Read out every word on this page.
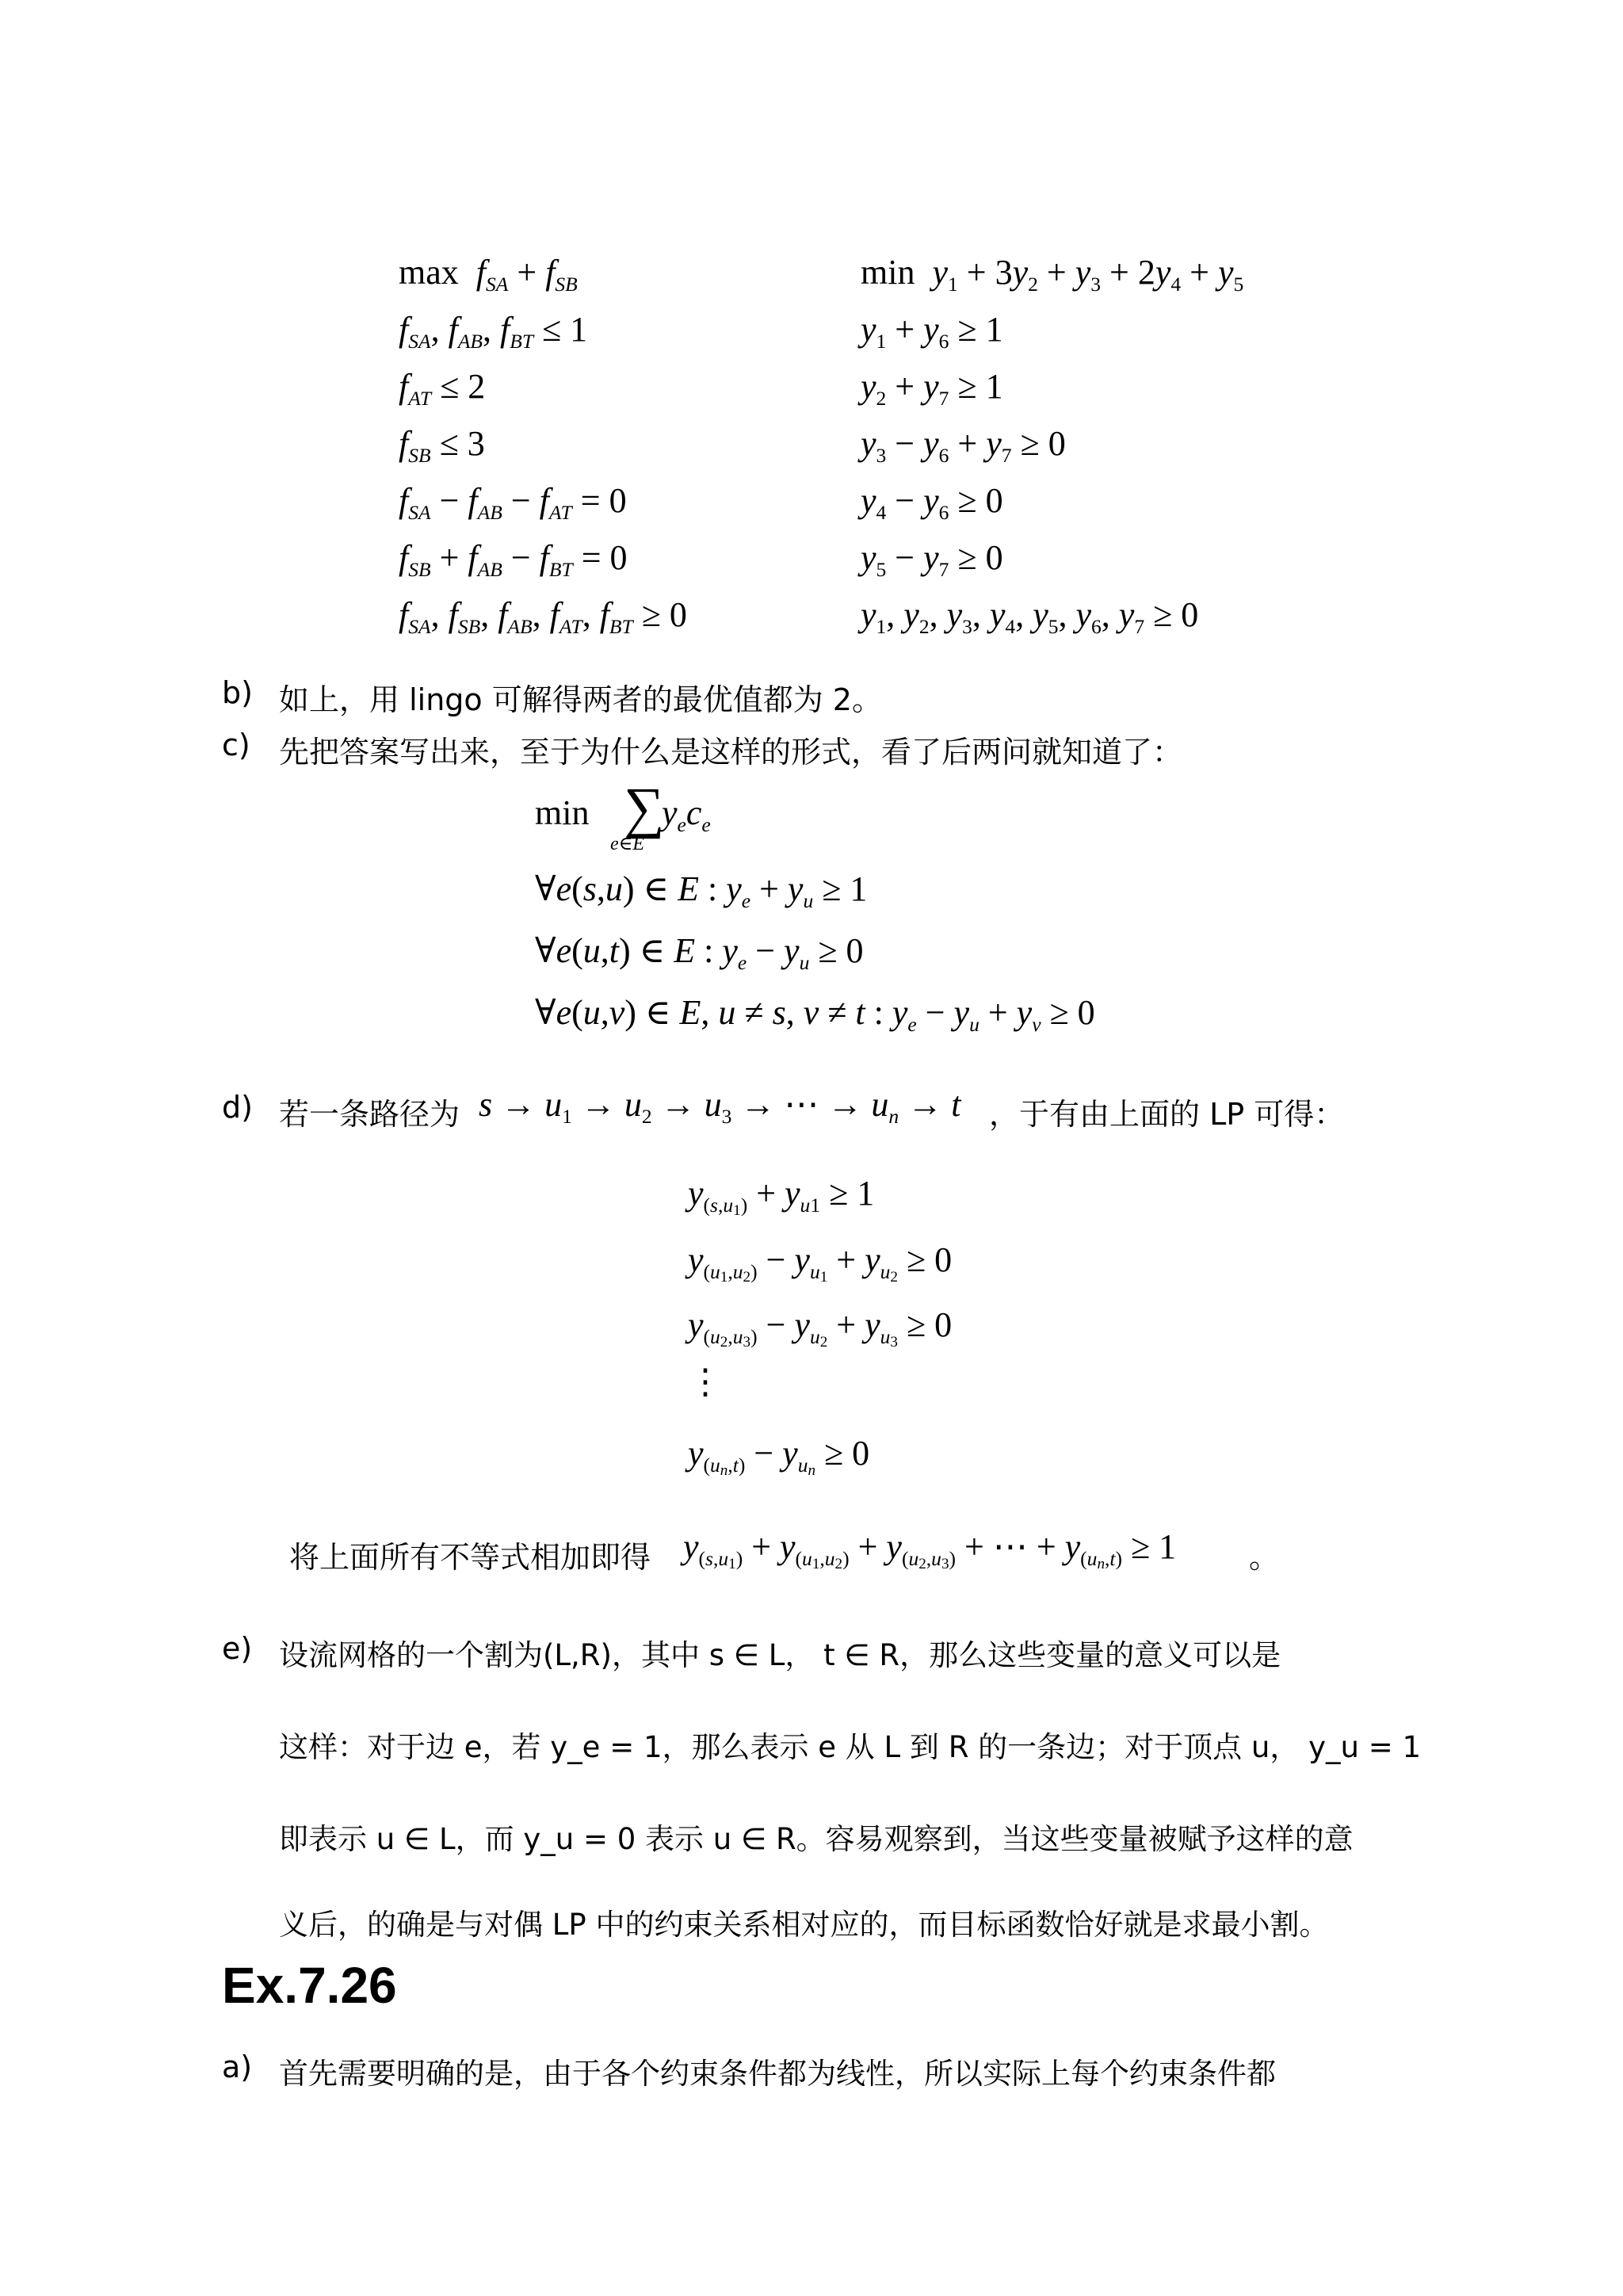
$\max f_{SA} + f_{SB}$
$f_{SA}$, $f_{AB}$, $f_{BT} \le 1$
$f_{AT} \le 2$
$f_{SB} \le 3$
$f_{SA} - f_{AB} - f_{AT} = 0$
$f_{SB} + f_{AB} - f_{BT} = 0$
$f_{SA}$, $f_{SB}$, $f_{AB}$, $f_{AT}$, $f_{BT} \ge 0$
$\min y_1 + 3y_2 + y_3 + 2y_4 + y_5$
$y_1 + y_6 \ge 1$
$y_2 + y_7 \ge 1$
$y_3 - y_6 + y_7 \ge 0$
$y_4 - y_6 \ge 0$
$y_5 - y_7 \ge 0$
$y_1$, $y_2$, $y_3$, $y_4$, $y_5$, $y_6$, $y_7 \ge 0$
b) 如上，用 lingo 可解得两者的最优值都为 2。
c) 先把答案写出来，至于为什么是这样的形式，看了后两问就知道了：
min ∑
e∈E
$y_ec_e$
∀e(s,u) ∈ E : $y_e + y_u \ge 1$
∀e(u,t) ∈ E : $y_e - y_u \ge 0$
∀e(u,v) ∈ E, u ≠ s, v ≠ t : $y_e - y_u + y_v \ge 0$
d) 若一条路径为 $s \to u_1 \to u_2 \to u_3$ → ⋯ → $u_n \to t$ ，于有由上面的 LP 可得：
$y_{(s,u_1)} + y_{u1} \ge 1$
$y_{(u_1,u_2)} - y_{u_1} + y_{u_2} \ge 0$
$y_{(u_2,u_3)} - y_{u_2} + y_{u_3} \ge 0$
⋮
$y_{(u_n,t)} - y_{u_n} \ge 0$
将上面所有不等式相加即得 $y_{(s,u_1)} + y_{(u_1,u_2)} + y_{(u_2,u_3)}$ + ⋯ + $y_{(u_n,t)} \ge 1$ 。
e) 设流网格的一个割为(L,R)，其中 s ∈ L， t ∈ R，那么这些变量的意义可以是
这样：对于边 e，若 y_e = 1，那么表示 e 从 L 到 R 的一条边；对于顶点 u， y_u = 1
即表示 u ∈ L，而 y_u = 0 表示 u ∈ R。容易观察到，当这些变量被赋予这样的意
义后，的确是与对偶 LP 中的约束关系相对应的，而目标函数恰好就是求最小割。
Ex.7.26
a) 首先需要明确的是，由于各个约束条件都为线性，所以实际上每个约束条件都
